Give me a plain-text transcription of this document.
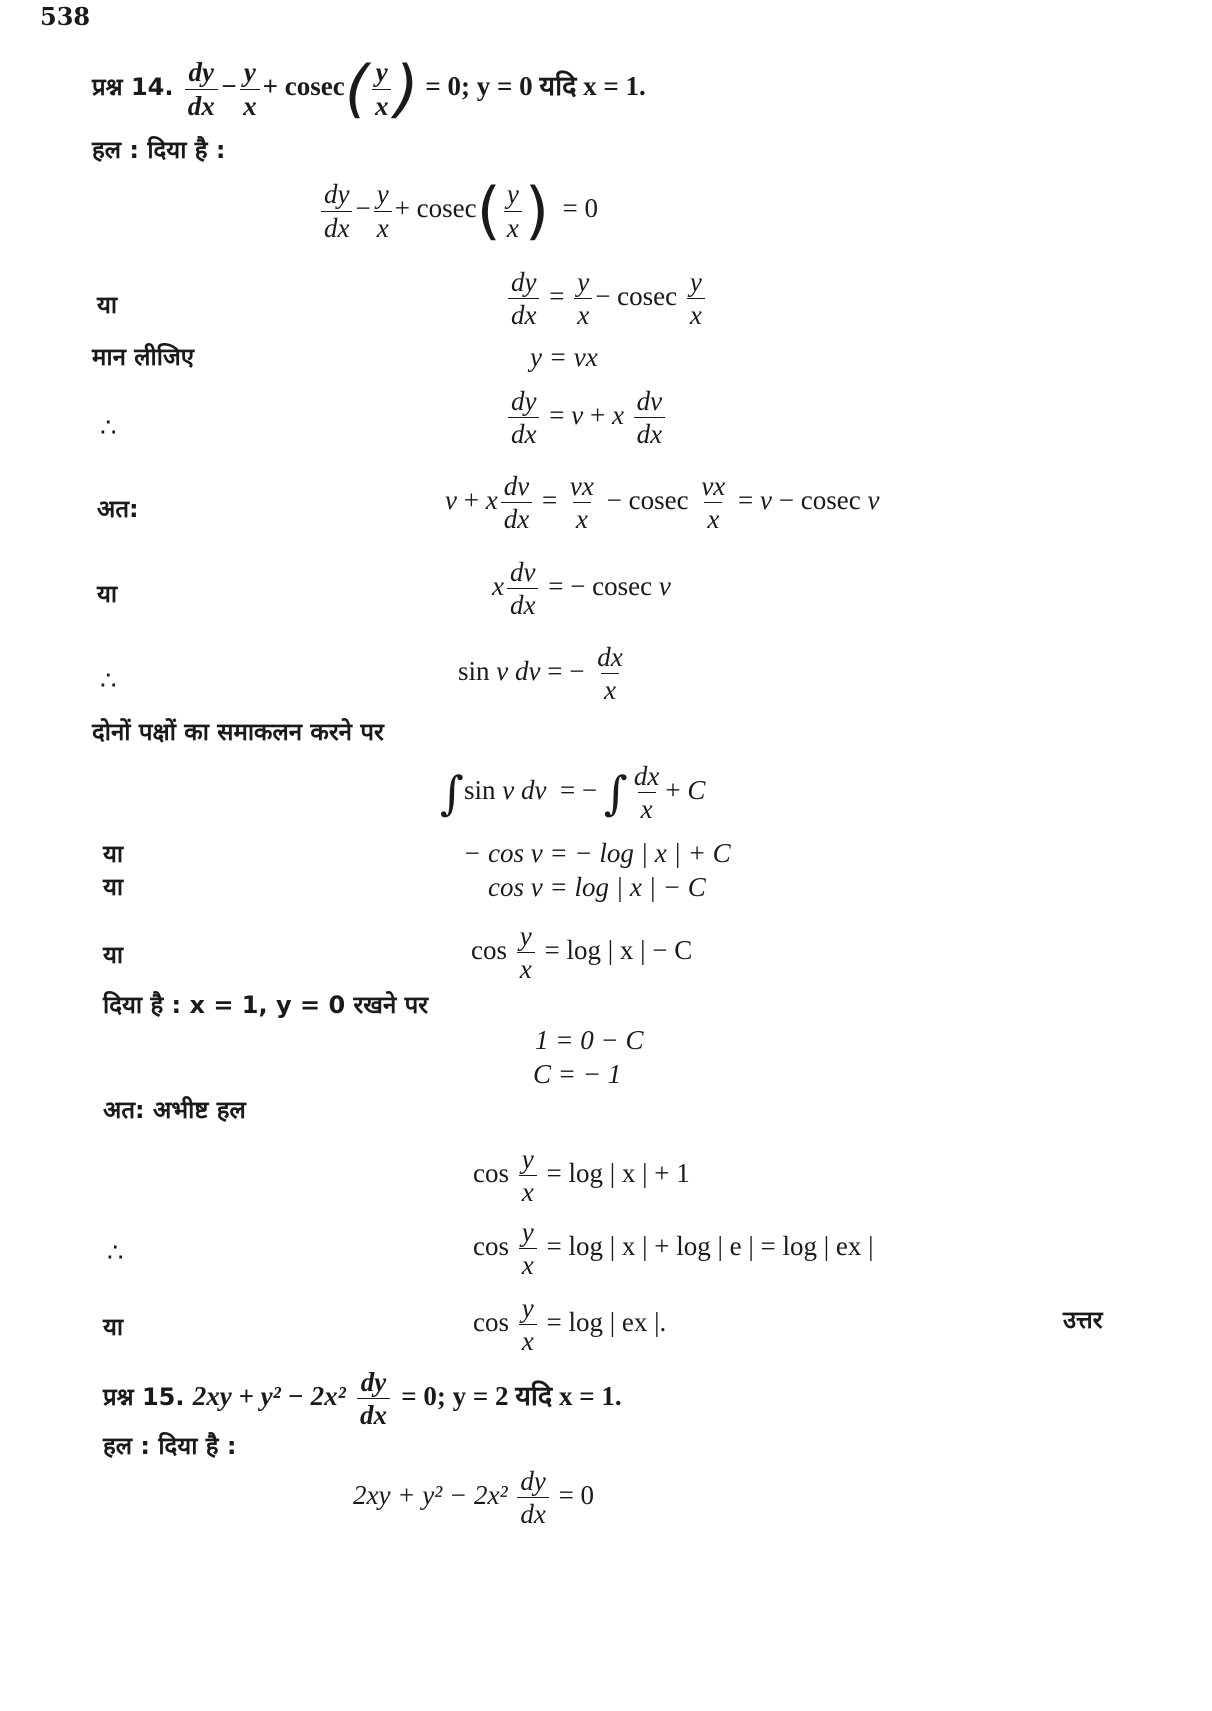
538
प्रश्न 14. $\frac{dy}{dx} - \frac{y}{x} + cosec( \frac{y}{x}$ ) = 0; y = 0 यदि x = 1.
हल : दिया है :
$\frac{dy}{dx} - \frac{y}{x} + cosec( \frac{y}{x}$ )  = 0
या	$\frac{dy}{dx} = \frac{y}{x} - cosec \frac{y}{x}$
मान लीजिए	y = vx
∴	$\frac{dy}{dx} = v + x \frac{dv}{dx}$
अत:	v + x $\frac{dv}{dx} = \frac{vx}{x} - cosec \frac{vx}{x} = v - cosec$ v
या	x $\frac{dv}{dx}$ = − cosec v
∴	sin v dv = − $\frac{dx}{x}$
दोनों पक्षों का समाकलन करने पर
∫sin v dv  = − ∫ $\frac{dx}{x} + C$
या	− cos v = − log | x | + C
या	cos v = log | x | − C
या	$\cos \frac{y}{x} = \log$ | x | − C
दिया है : x = 1, y = 0 रखने पर
1 = 0 − C
C = − 1
अत: अभीष्ट हल
$\cos \frac{y}{x} = \log$ | x | + 1
∴	$\cos \frac{y}{x} = \log$ | x | + log | e | = log | ex |
या	$\cos \frac{y}{x} = \log$ | ex |.	उत्तर
प्रश्न 15. $2xy + y^2 - 2x^2 \frac{dy}{dx} = 0$; y = 2 यदि x = 1.
हल : दिया है :
$2xy + y^2 - 2x^2 \frac{dy}{dx} = 0$
